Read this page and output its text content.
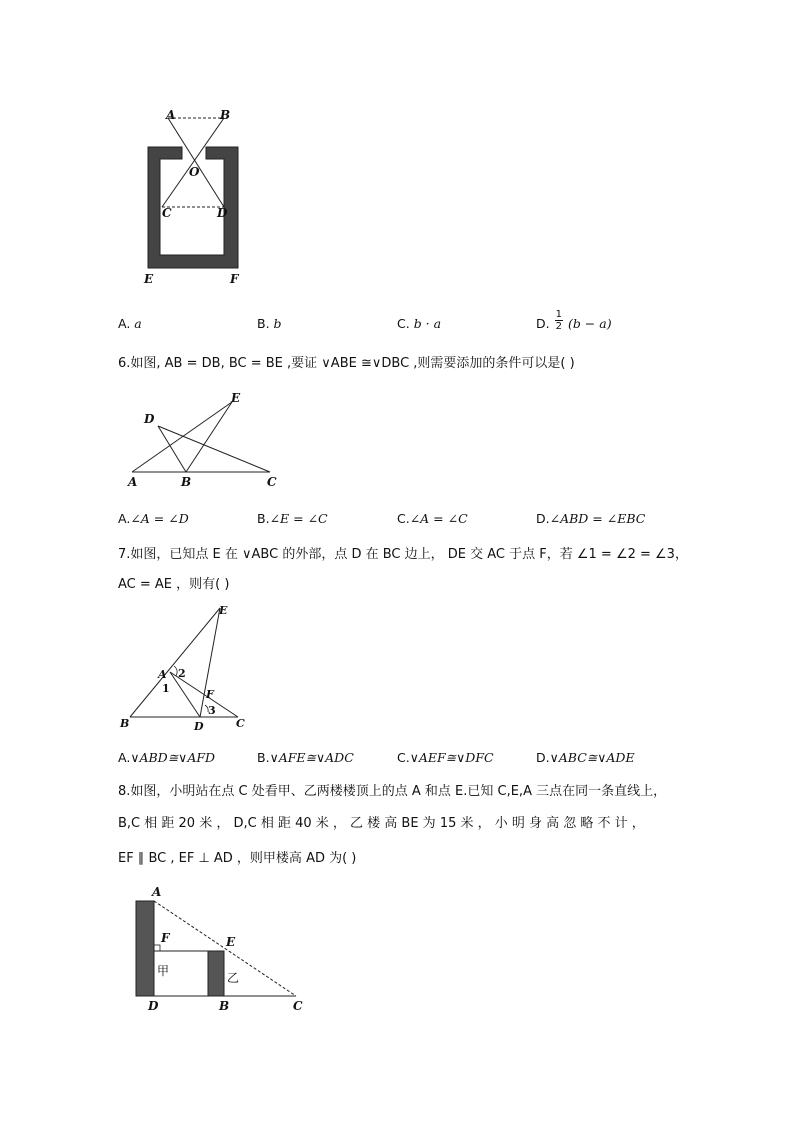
A	B
O
C	D
E	F
A. a	B. b	C. b · a	D. $\frac{1}{2} (b - a)$
6.如图, AB = DB, BC = BE ,要证 ∨ABE ≅∨DBC ,则需要添加的条件可以是( )
D
E
A	B	C
A.∠A = ∠D	B.∠E = ∠C	C.∠A = ∠C	D.∠ABD = ∠EBC
7.如图，已知点 E 在 ∨ABC 的外部，点 D 在 BC 边上， DE 交 AC 于点 F，若 ∠1 = ∠2 = ∠3，
AC = AE ，则有( )
E
A 2
1	F
3
B	D	C
A.∨ABD≅∨AFD	B.∨AFE≅∨ADC	C.∨AEF≅∨DFC	D.∨ABC≅∨ADE
8.如图，小明站在点 C 处看甲、乙两楼楼顶上的点 A 和点 E.已知 C,E,A 三点在同一条直线上，
B,C 相 距 20 米 ， D,C 相 距 40 米 ， 乙 楼 高 BE 为 15 米 ， 小 明 身 高 忽 略 不 计 ，
EF ∥ BC , EF ⊥ AD ，则甲楼高 AD 为( )
A
F	E
甲	乙
D	B	C
